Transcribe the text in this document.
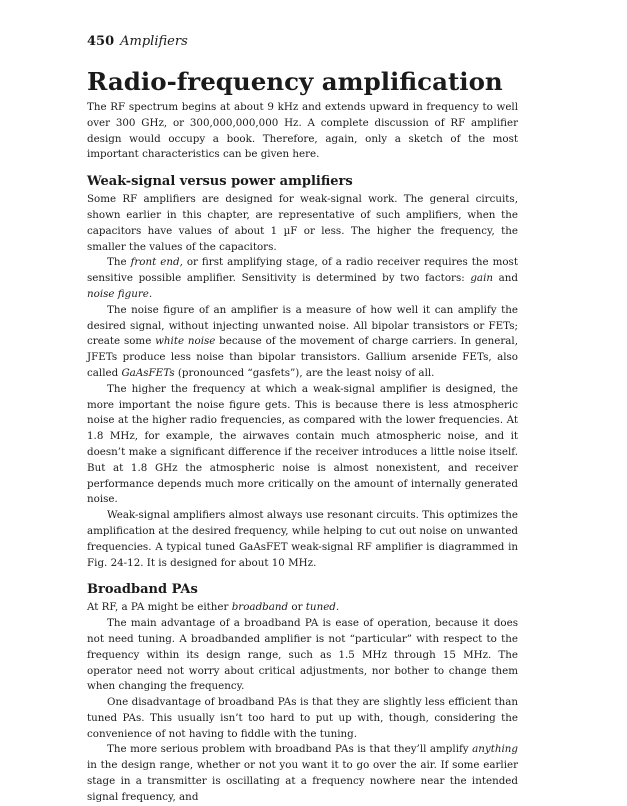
450 Amplifiers
Radio-frequency amplification

The RF spectrum begins at about 9 kHz and extends upward in frequency to well over 300 GHz, or 300,000,000,000 Hz. A complete discussion of RF amplifier design would occupy a book. Therefore, again, only a sketch of the most important characteristics can be given here.

Weak-signal versus power amplifiers

Some RF amplifiers are designed for weak-signal work. The general circuits, shown earlier in this chapter, are representative of such amplifiers, when the capacitors have values of about 1 µF or less. The higher the frequency, the smaller the values of the capacitors.

The front end, or first amplifying stage, of a radio receiver requires the most sensitive possible amplifier. Sensitivity is determined by two factors: gain and noise figure.

The noise figure of an amplifier is a measure of how well it can amplify the desired signal, without injecting unwanted noise. All bipolar transistors or FETs; create some white noise because of the movement of charge carriers. In general, JFETs produce less noise than bipolar transistors. Gallium arsenide FETs, also called GaAsFETs (pronounced “gasfets”), are the least noisy of all.

The higher the frequency at which a weak-signal amplifier is designed, the more important the noise figure gets. This is because there is less atmospheric noise at the higher radio frequencies, as compared with the lower frequencies. At 1.8 MHz, for example, the airwaves contain much atmospheric noise, and it doesn’t make a significant difference if the receiver introduces a little noise itself. But at 1.8 GHz the atmospheric noise is almost nonexistent, and receiver performance depends much more critically on the amount of internally generated noise.

Weak-signal amplifiers almost always use resonant circuits. This optimizes the amplification at the desired frequency, while helping to cut out noise on unwanted frequencies. A typical tuned GaAsFET weak-signal RF amplifier is diagrammed in Fig. 24-12. It is designed for about 10 MHz.

Broadband PAs

At RF, a PA might be either broadband or tuned.

The main advantage of a broadband PA is ease of operation, because it does not need tuning. A broadbanded amplifier is not “particular” with respect to the frequency within its design range, such as 1.5 MHz through 15 MHz. The operator need not worry about critical adjustments, nor bother to change them when changing the frequency.

One disadvantage of broadband PAs is that they are slightly less efficient than tuned PAs. This usually isn’t too hard to put up with, though, considering the convenience of not having to fiddle with the tuning.

The more serious problem with broadband PAs is that they’ll amplify anything in the design range, whether or not you want it to go over the air. If some earlier stage in a transmitter is oscillating at a frequency nowhere near the intended signal frequency, and
